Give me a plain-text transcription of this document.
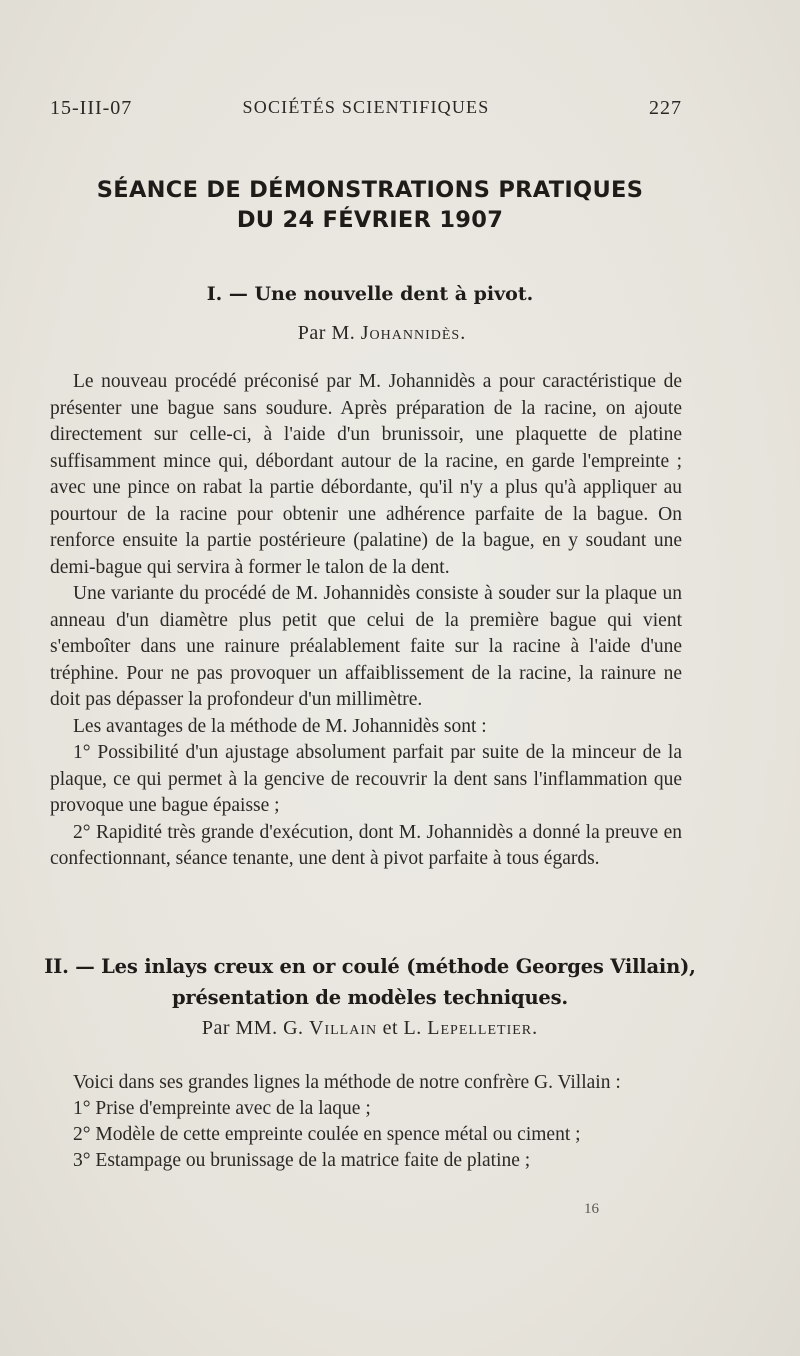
15-III-07	SOCIÉTÉS SCIENTIFIQUES	227
SÉANCE DE DÉMONSTRATIONS PRATIQUES
DU 24 FÉVRIER 1907
I. — Une nouvelle dent à pivot.
Par M. Johannidès.

Le nouveau procédé préconisé par M. Johannidès a pour caractéristique de présenter une bague sans soudure. Après préparation de la racine, on ajoute directement sur celle-ci, à l'aide d'un brunissoir, une plaquette de platine suffisamment mince qui, débordant autour de la racine, en garde l'empreinte ; avec une pince on rabat la partie débordante, qu'il n'y a plus qu'à appliquer au pourtour de la racine pour obtenir une adhérence parfaite de la bague. On renforce ensuite la partie postérieure (palatine) de la bague, en y soudant une demi-bague qui servira à former le talon de la dent.

Une variante du procédé de M. Johannidès consiste à souder sur la plaque un anneau d'un diamètre plus petit que celui de la première bague qui vient s'emboîter dans une rainure préalablement faite sur la racine à l'aide d'une tréphine. Pour ne pas provoquer un affaiblissement de la racine, la rainure ne doit pas dépasser la profondeur d'un millimètre.

Les avantages de la méthode de M. Johannidès sont :

1° Possibilité d'un ajustage absolument parfait par suite de la minceur de la plaque, ce qui permet à la gencive de recouvrir la dent sans l'inflammation que provoque une bague épaisse ;

2° Rapidité très grande d'exécution, dont M. Johannidès a donné la preuve en confectionnant, séance tenante, une dent à pivot parfaite à tous égards.

II. — Les inlays creux en or coulé (méthode Georges Villain),
présentation de modèles techniques.
Par MM. G. Villain et L. Lepelletier.

Voici dans ses grandes lignes la méthode de notre confrère G. Villain :

1° Prise d'empreinte avec de la laque ;

2° Modèle de cette empreinte coulée en spence métal ou ciment ;

3° Estampage ou brunissage de la matrice faite de platine ;

16
